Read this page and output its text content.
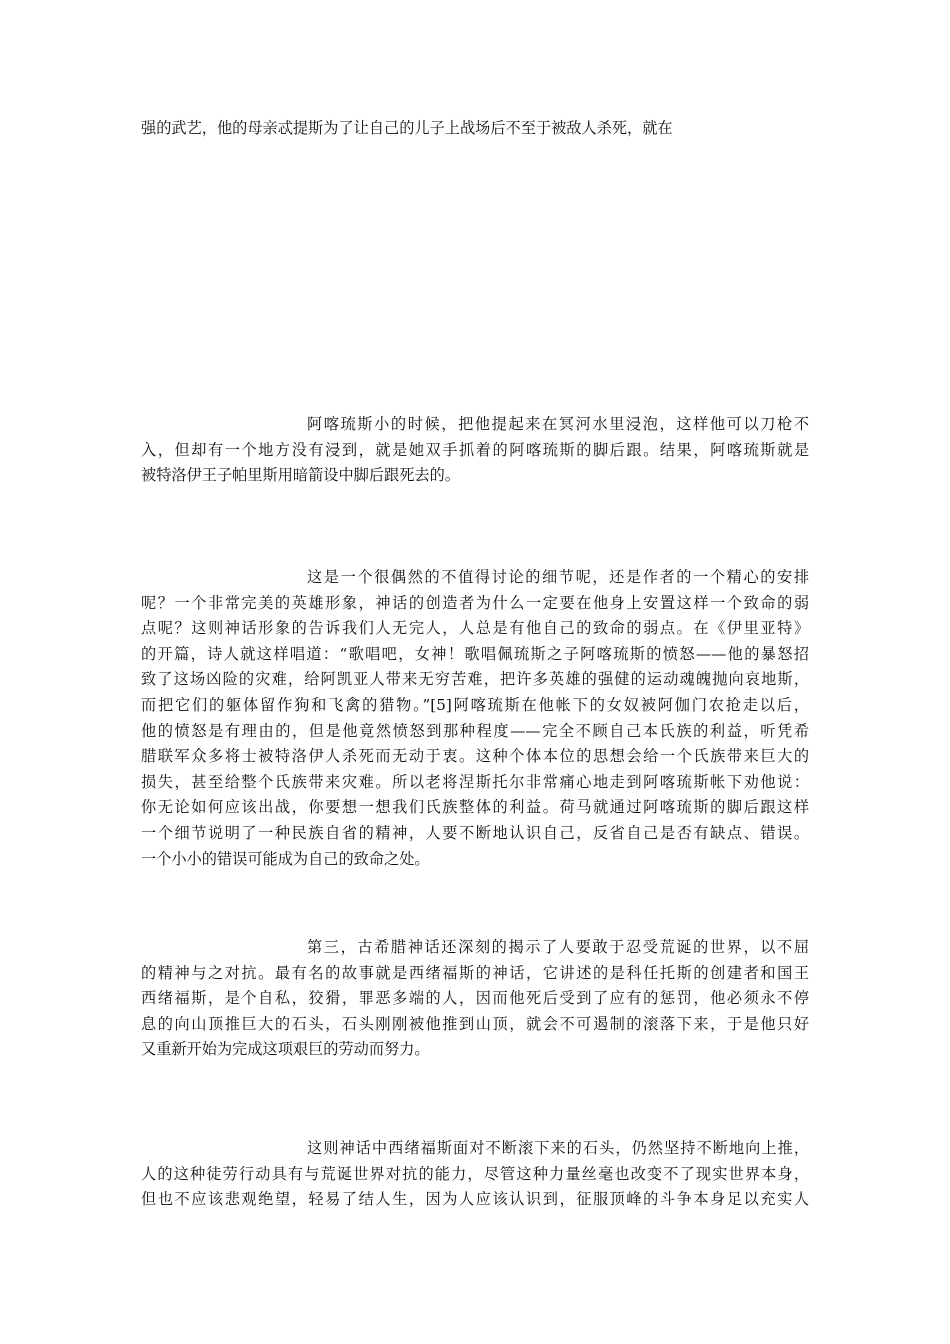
强的武艺，他的母亲忒提斯为了让自己的儿子上战场后不至于被敌人杀死，就在
阿喀琉斯小的时候，把他提起来在冥河水里浸泡，这样他可以刀枪不
入，但却有一个地方没有浸到，就是她双手抓着的阿喀琉斯的脚后跟。结果，阿喀琉斯就是
被特洛伊王子帕里斯用暗箭设中脚后跟死去的。
这是一个很偶然的不值得讨论的细节呢，还是作者的一个精心的安排
呢？一个非常完美的英雄形象，神话的创造者为什么一定要在他身上安置这样一个致命的弱
点呢？这则神话形象的告诉我们人无完人，人总是有他自己的致命的弱点。在《伊里亚特》
的开篇，诗人就这样唱道：“歌唱吧，女神！歌唱佩琉斯之子阿喀琉斯的愤怒——他的暴怒招
致了这场凶险的灾难，给阿凯亚人带来无穷苦难，把许多英雄的强健的运动魂魄抛向哀地斯，
而把它们的躯体留作狗和飞禽的猎物。”[5]阿喀琉斯在他帐下的女奴被阿伽门农抢走以后，
他的愤怒是有理由的，但是他竟然愤怒到那种程度——完全不顾自己本氏族的利益，听凭希
腊联军众多将士被特洛伊人杀死而无动于衷。这种个体本位的思想会给一个氏族带来巨大的
损失，甚至给整个氏族带来灾难。所以老将涅斯托尔非常痛心地走到阿喀琉斯帐下劝他说：
你无论如何应该出战，你要想一想我们氏族整体的利益。荷马就通过阿喀琉斯的脚后跟这样
一个细节说明了一种民族自省的精神，人要不断地认识自己，反省自己是否有缺点、错误。
一个小小的错误可能成为自己的致命之处。
第三，古希腊神话还深刻的揭示了人要敢于忍受荒诞的世界，以不屈
的精神与之对抗。最有名的故事就是西绪福斯的神话，它讲述的是科任托斯的创建者和国王
西绪福斯，是个自私，狡猾，罪恶多端的人，因而他死后受到了应有的惩罚，他必须永不停
息的向山顶推巨大的石头，石头刚刚被他推到山顶，就会不可遏制的滚落下来，于是他只好
又重新开始为完成这项艰巨的劳动而努力。
这则神话中西绪福斯面对不断滚下来的石头，仍然坚持不断地向上推，
人的这种徒劳行动具有与荒诞世界对抗的能力，尽管这种力量丝毫也改变不了现实世界本身，
但也不应该悲观绝望，轻易了结人生，因为人应该认识到，征服顶峰的斗争本身足以充实人
